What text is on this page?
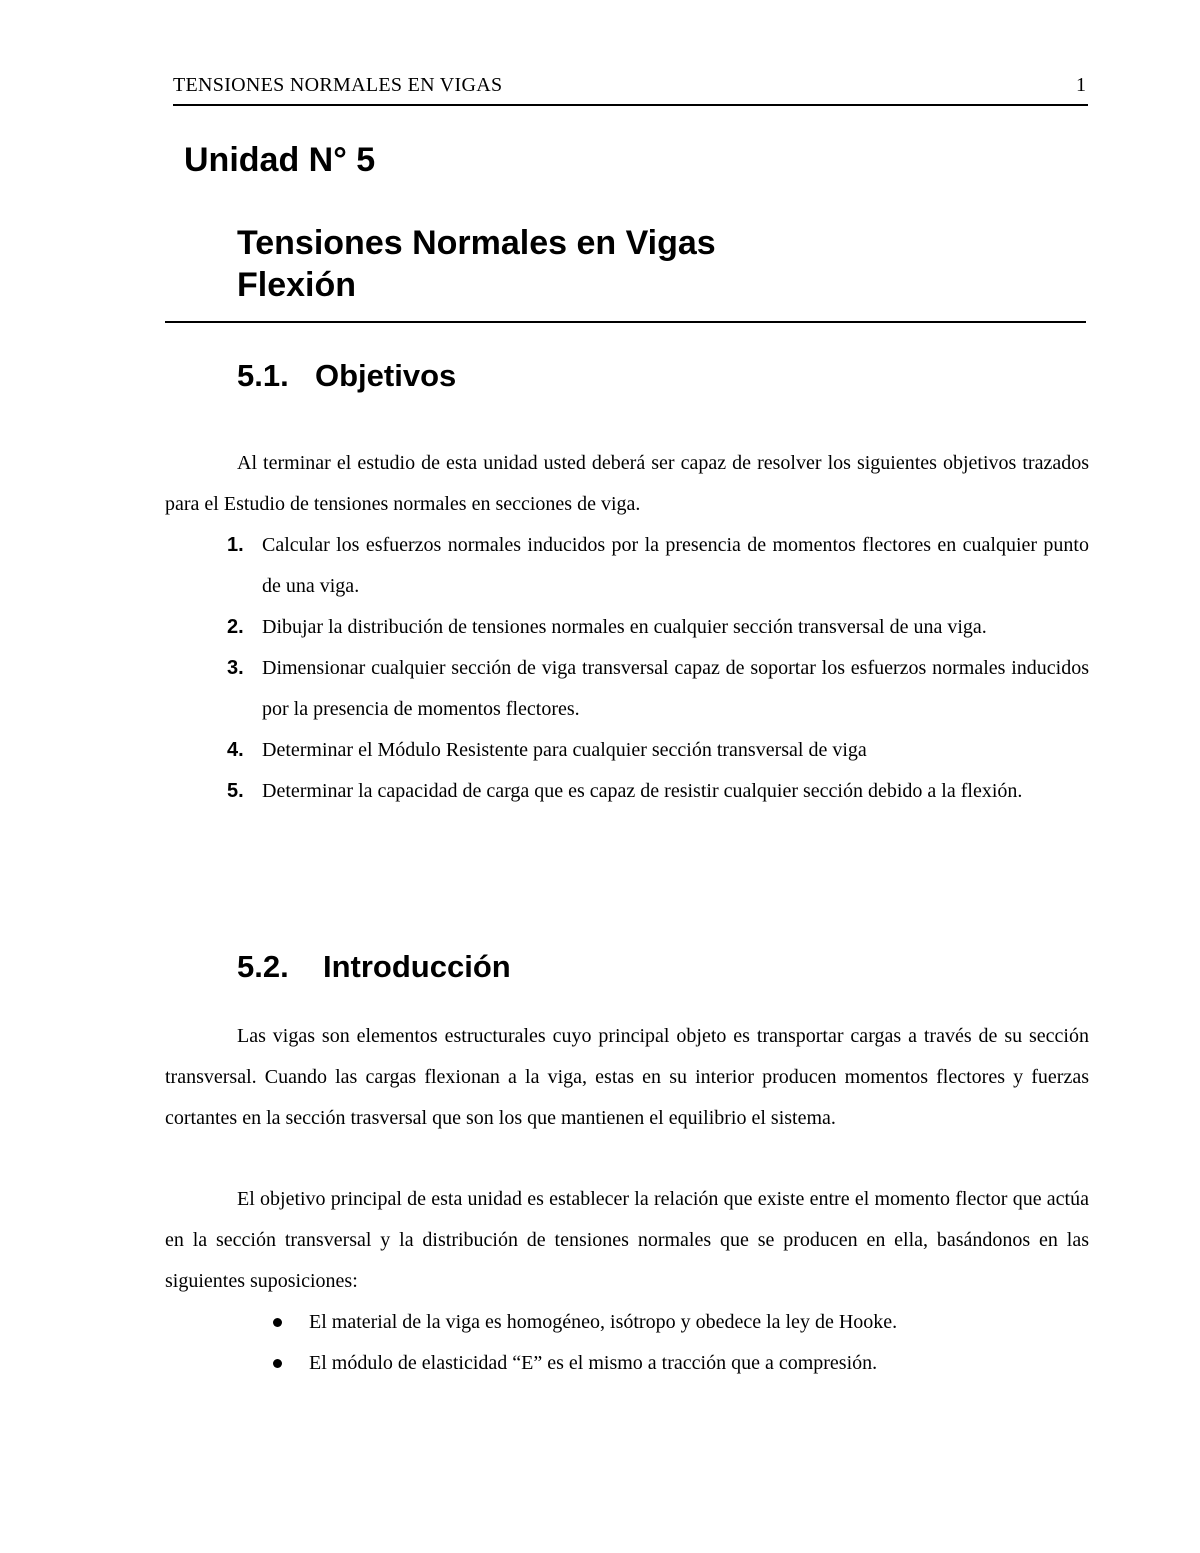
TENSIONES NORMALES EN VIGAS	1
Unidad N° 5
Tensiones Normales en Vigas
Flexión
5.1. Objetivos

Al terminar el estudio de esta unidad usted deberá ser capaz de resolver los siguientes objetivos trazados para el Estudio de tensiones normales en secciones de viga.

1. Calcular los esfuerzos normales inducidos por la presencia de momentos flectores en cualquier punto de una viga.
2. Dibujar la distribución de tensiones normales en cualquier sección transversal de una viga.
3. Dimensionar cualquier sección de viga transversal capaz de soportar los esfuerzos normales inducidos por la presencia de momentos flectores.
4. Determinar el Módulo Resistente para cualquier sección transversal de viga
5. Determinar la capacidad de carga que es capaz de resistir cualquier sección debido a la flexión.
5.2. Introducción

Las vigas son elementos estructurales cuyo principal objeto es transportar cargas a través de su sección transversal. Cuando las cargas flexionan a la viga, estas en su interior producen momentos flectores y fuerzas cortantes en la sección trasversal que son los que mantienen el equilibrio el sistema.

El objetivo principal de esta unidad es establecer la relación que existe entre el momento flector que actúa en la sección transversal y la distribución de tensiones normales que se producen en ella, basándonos en las siguientes suposiciones:

El material de la viga es homogéneo, isótropo y obedece la ley de Hooke.
El módulo de elasticidad “E” es el mismo a tracción que a compresión.
